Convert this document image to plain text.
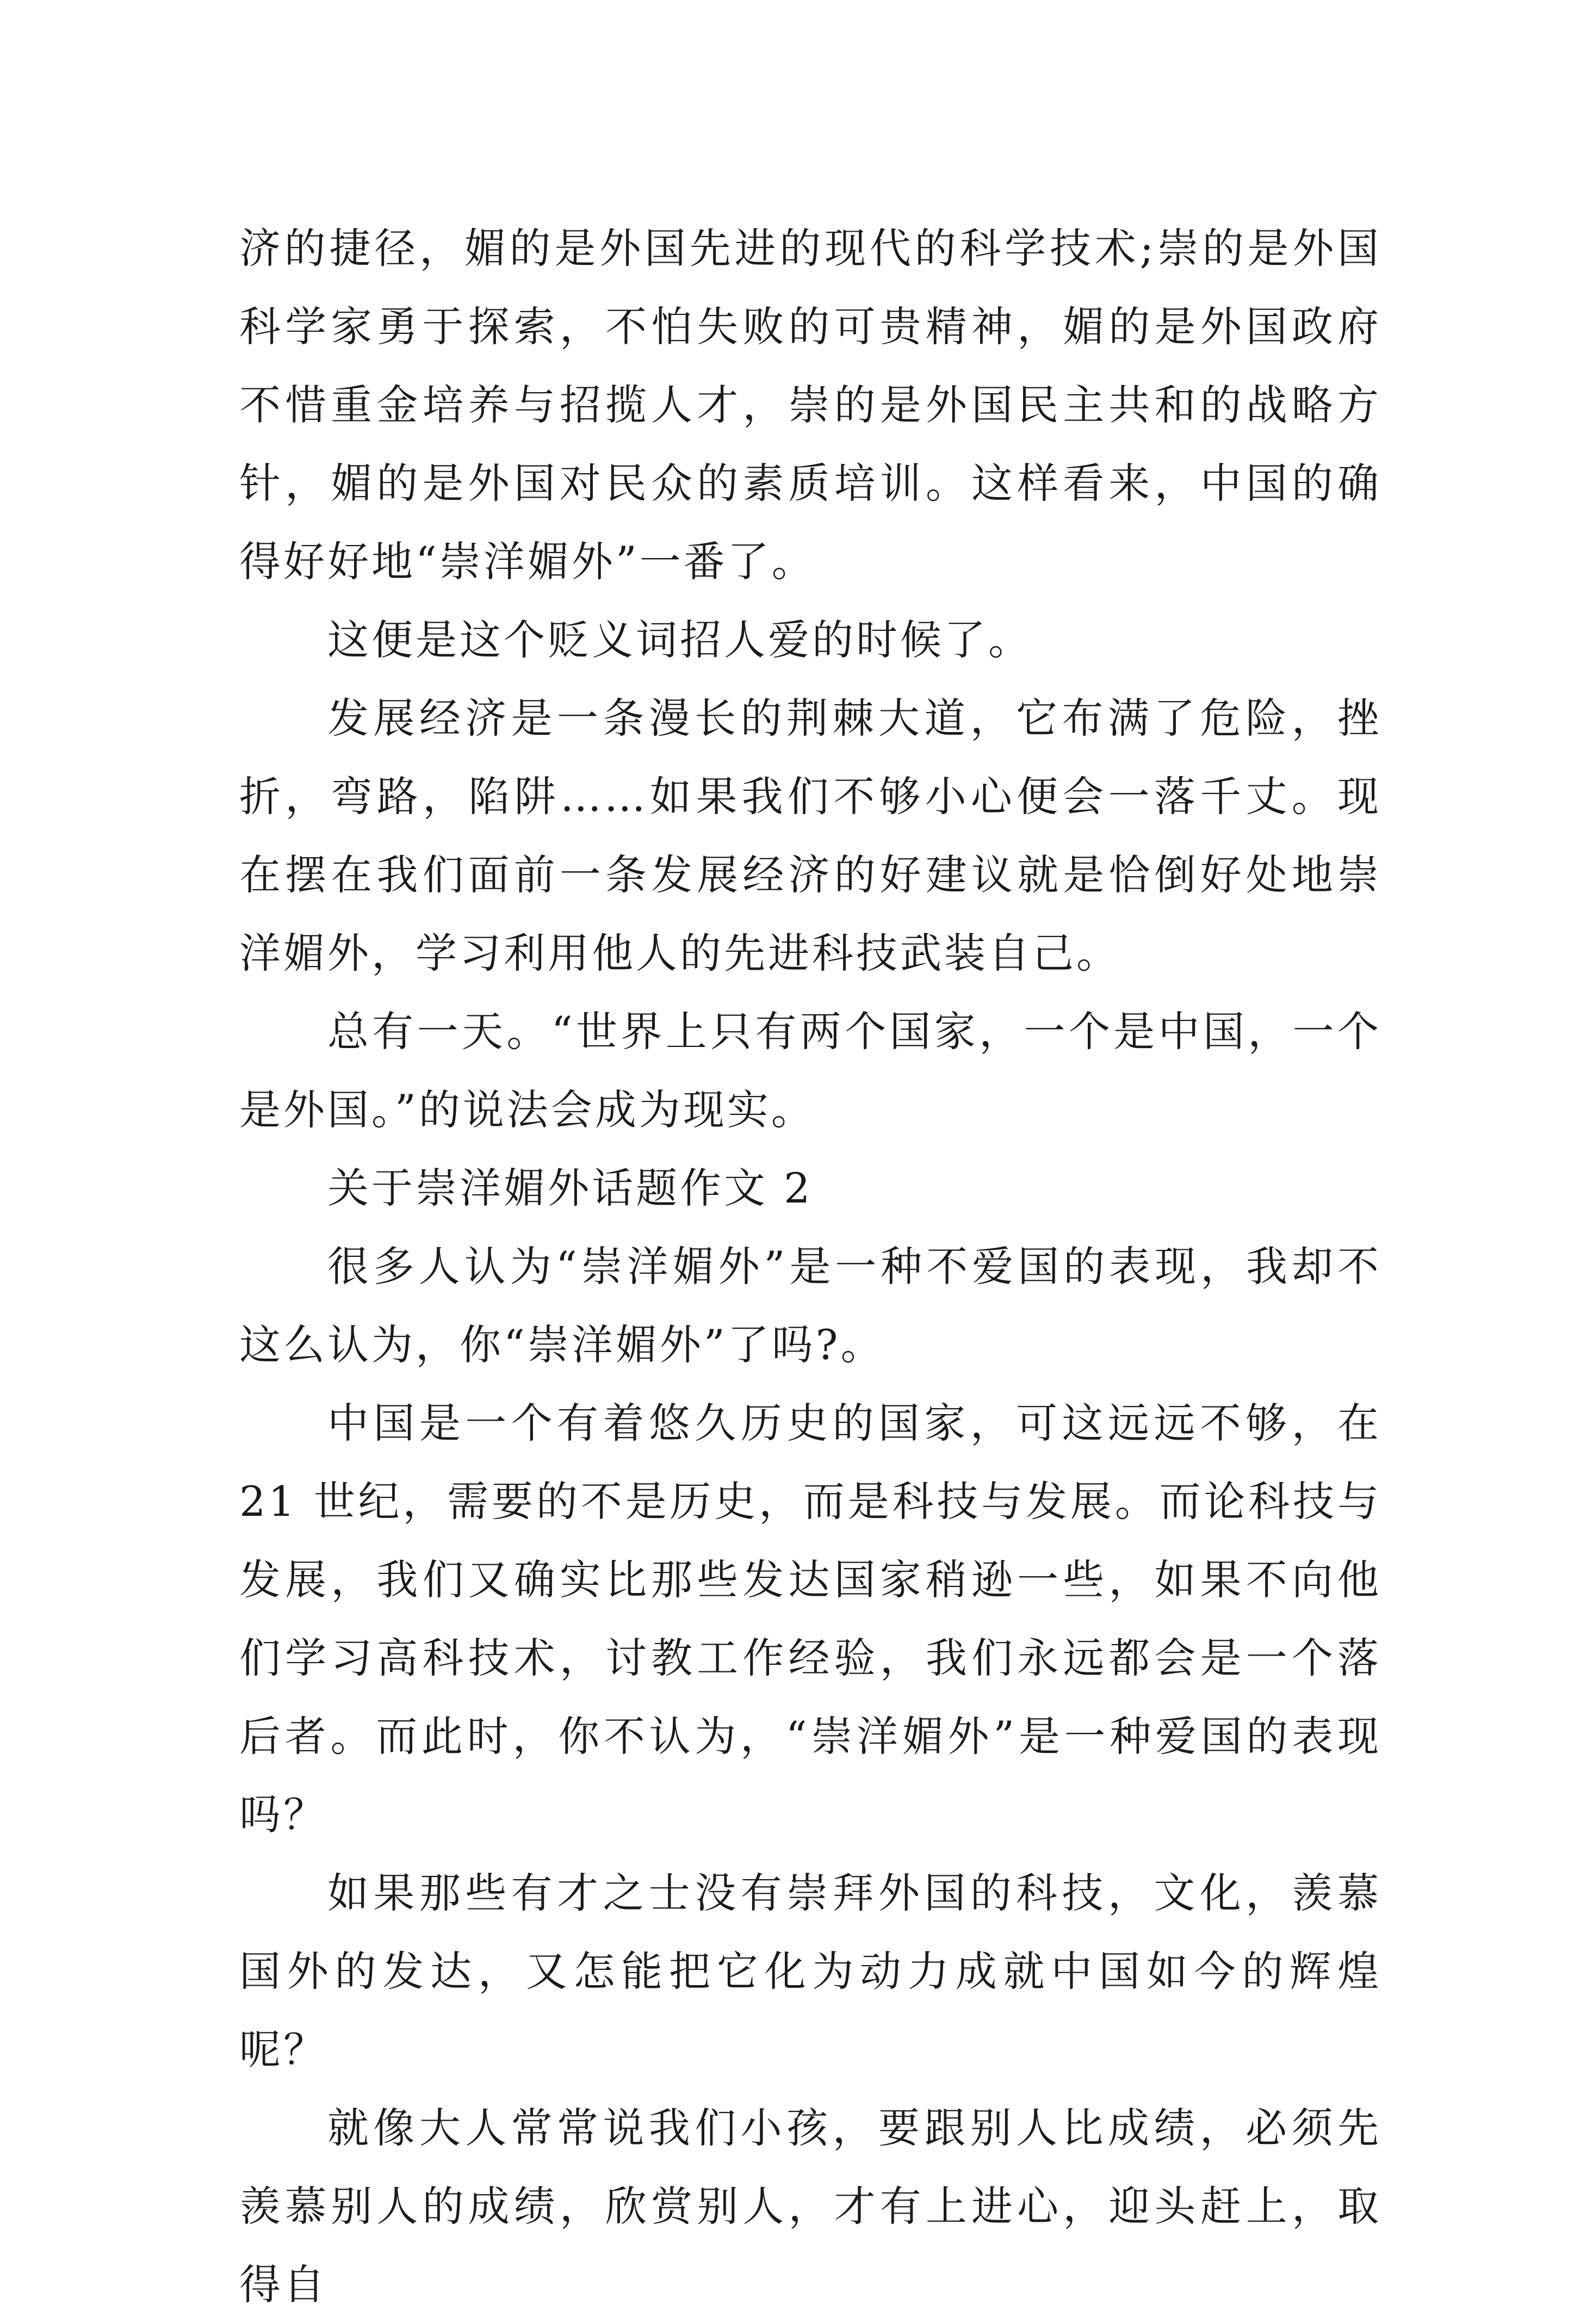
济的捷径，媚的是外国先进的现代的科学技术;崇的是外国科学家勇于探索，不怕失败的可贵精神，媚的是外国政府不惜重金培养与招揽人才，崇的是外国民主共和的战略方针，媚的是外国对民众的素质培训。这样看来，中国的确得好好地“崇洋媚外”一番了。

这便是这个贬义词招人爱的时候了。

发展经济是一条漫长的荆棘大道，它布满了危险，挫折，弯路，陷阱……如果我们不够小心便会一落千丈。现在摆在我们面前一条发展经济的好建议就是恰倒好处地崇洋媚外，学习利用他人的先进科技武装自己。

总有一天。“世界上只有两个国家，一个是中国，一个是外国。”的说法会成为现实。

关于崇洋媚外话题作文 2

很多人认为“崇洋媚外”是一种不爱国的表现，我却不这么认为，你“崇洋媚外”了吗?。

中国是一个有着悠久历史的国家，可这远远不够，在 21 世纪，需要的不是历史，而是科技与发展。而论科技与发展，我们又确实比那些发达国家稍逊一些，如果不向他们学习高科技术，讨教工作经验，我们永远都会是一个落后者。而此时，你不认为，“崇洋媚外”是一种爱国的表现吗？

如果那些有才之士没有崇拜外国的科技，文化，羡慕国外的发达，又怎能把它化为动力成就中国如今的辉煌呢？

就像大人常常说我们小孩，要跟别人比成绩，必须先羡慕别人的成绩，欣赏别人，才有上进心，迎头赶上，取得自
